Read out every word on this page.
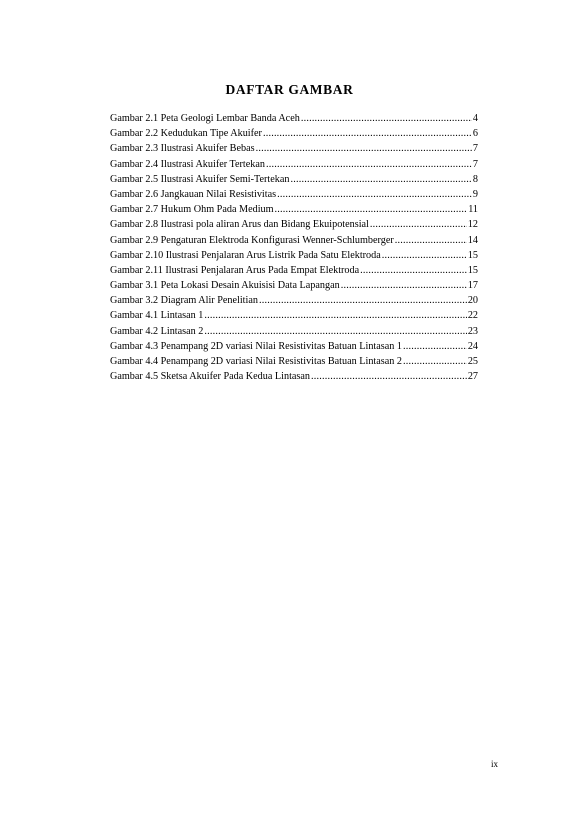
DAFTAR GAMBAR
Gambar 2.1 Peta Geologi Lembar Banda Aceh .....	4
Gambar 2.2 Kedudukan Tipe Akuifer .....	6
Gambar 2.3 Ilustrasi Akuifer Bebas .....	7
Gambar 2.4 Ilustrasi Akuifer Tertekan .....	7
Gambar 2.5 Ilustrasi Akuifer Semi-Tertekan .....	8
Gambar 2.6 Jangkauan Nilai Resistivitas .....	9
Gambar 2.7 Hukum Ohm Pada Medium .....	11
Gambar 2.8 Ilustrasi pola aliran Arus dan Bidang Ekuipotensial .....	12
Gambar 2.9 Pengaturan Elektroda Konfigurasi Wenner-Schlumberger .....	14
Gambar 2.10 Ilustrasi Penjalaran Arus Listrik Pada Satu Elektroda .....	15
Gambar 2.11 Ilustrasi Penjalaran Arus Pada Empat Elektroda .....	15
Gambar 3.1 Peta Lokasi Desain Akuisisi Data Lapangan .....	17
Gambar 3.2 Diagram Alir Penelitian .....	20
Gambar 4.1 Lintasan 1 .....	22
Gambar 4.2 Lintasan 2 .....	23
Gambar 4.3 Penampang 2D variasi Nilai Resistivitas Batuan Lintasan 1 .....	24
Gambar 4.4 Penampang 2D variasi Nilai Resistivitas Batuan Lintasan 2 .....	25
Gambar 4.5 Sketsa Akuifer Pada Kedua Lintasan .....	27
ix
